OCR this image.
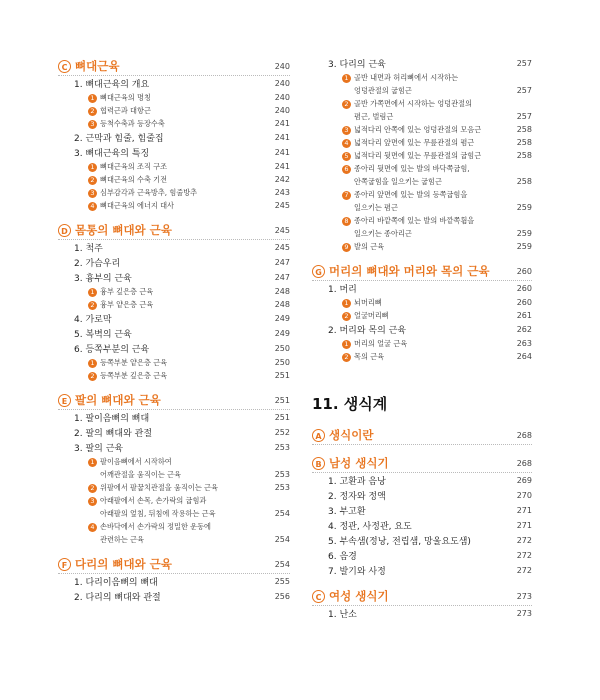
C 뼈대근육	240
1. 뼈대근육의 개요	240
1 뼈대근육의 명칭	240
2 협력근과 대항근	240
3 등척수축과 등장수축	241
2. 근막과 힘줄, 힘줄집	241
3. 뼈대근육의 특징	241
1 뼈대근육의 조직 구조	241
2 뼈대근육의 수축 기전	242
3 심부감각과 근육방추, 힘줄방추	243
4 뼈대근육의 에너지 대사	245
D 몸통의 뼈대와 근육	245
1. 척주	245
2. 가슴우리	247
3. 흉부의 근육	247
1 흉부 깊은층 근육	248
2 흉부 얕은층 근육	248
4. 가로막	249
5. 복벽의 근육	249
6. 등쪽부분의 근육	250
1 등쪽부분 얕은층 근육	250
2 등쪽부분 깊은층 근육	251
E 팔의 뼈대와 근육	251
1. 팔이음뼈의 뼈대	251
2. 팔의 뼈대와 관절	252
3. 팔의 근육	253
1 팔이음뼈에서 시작하여
어깨관절을 움직이는 근육	253
2 위팔에서 팔꿉치관절을 움직이는 근육	253
3 아래팔에서 손목, 손가락의 굽힘과
아래팔의 엎침, 뒤침에 작용하는 근육	254
4 손바닥에서 손가락의 정밀한 운동에
관련하는 근육	254
F 다리의 뼈대와 근육	254
1. 다리이음뼈의 뼈대	255
2. 다리의 뼈대와 관절	256
3. 다리의 근육	257
1 골반 내면과 허리뼈에서 시작하는
엉덩관절의 굽힘근	257
2 골반 가쪽면에서 시작하는 엉덩관절의
폄근, 벌림근	257
3 넓적다리 안쪽에 있는 엉덩관절의 모음근	258
4 넓적다리 앞면에 있는 무릎관절의 폄근	258
5 넓적다리 뒷면에 있는 무릎관절의 굽힘근	258
6 종아리 뒷면에 있는 발의 바닥쪽굽힘,
안쪽굽힘을 일으키는 굽힘근	258
7 종아리 앞면에 있는 발의 등쪽굽힘을
일으키는 폄근	259
8 종아리 바깥쪽에 있는 발의 바깥쪽휨을
일으키는 종아리근	259
9 발의 근육	259
G 머리의 뼈대와 머리와 목의 근육	260
1. 머리	260
1 뇌머리뼈	260
2 얼굴머리뼈	261
2. 머리와 목의 근육	262
1 머리의 얼굴 근육	263
2 목의 근육	264
11. 생식계
A 생식이란	268
B 남성 생식기	268
1. 고환과 음낭	269
2. 정자와 정액	270
3. 부고환	271
4. 정관, 사정관, 요도	271
5. 부속샘(정낭, 전립샘, 망울요도샘)	272
6. 음경	272
7. 발기와 사정	272
C 여성 생식기	273
1. 난소	273
